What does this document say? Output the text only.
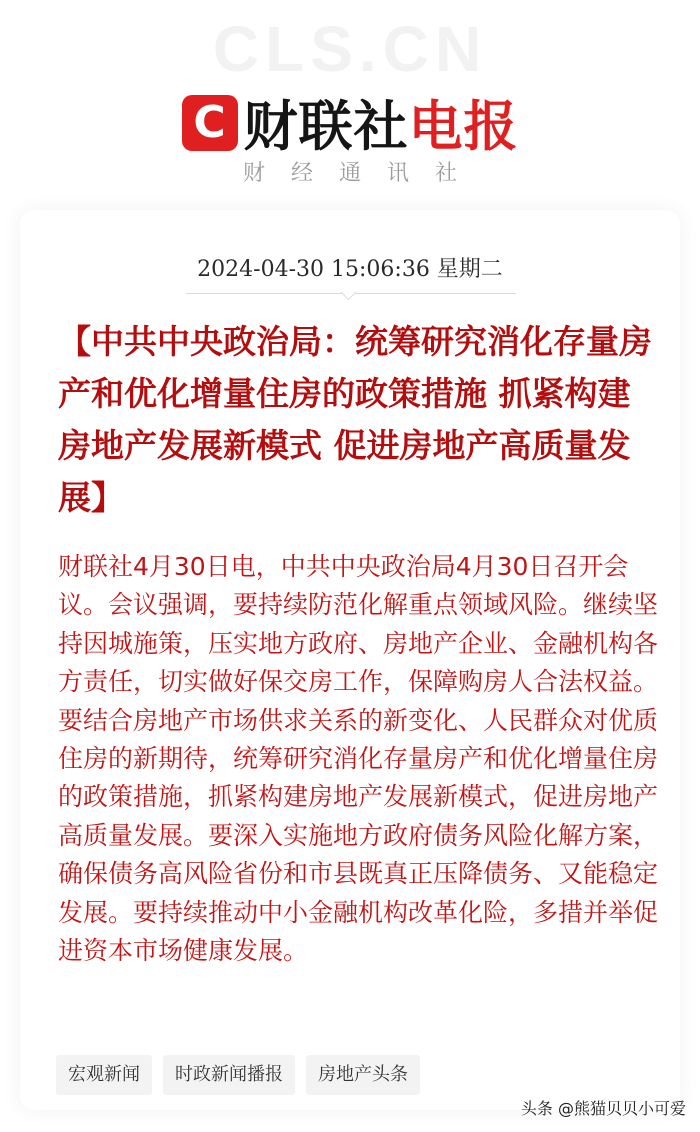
CLS.CN
C 财联社电报
财经通讯社
2024-04-30 15:06:36 星期二

【中共中央政治局：统筹研究消化存量房产和优化增量住房的政策措施 抓紧构建房地产发展新模式 促进房地产高质量发展】

财联社4月30日电，中共中央政治局4月30日召开会议。会议强调，要持续防范化解重点领域风险。继续坚持因城施策，压实地方政府、房地产企业、金融机构各方责任，切实做好保交房工作，保障购房人合法权益。要结合房地产市场供求关系的新变化、人民群众对优质住房的新期待，统筹研究消化存量房产和优化增量住房的政策措施，抓紧构建房地产发展新模式，促进房地产高质量发展。要深入实施地方政府债务风险化解方案，确保债务高风险省份和市县既真正压降债务、又能稳定发展。要持续推动中小金融机构改革化险，多措并举促进资本市场健康发展。

宏观新闻	时政新闻播报	房地产头条
头条 @熊猫贝贝小可爱
